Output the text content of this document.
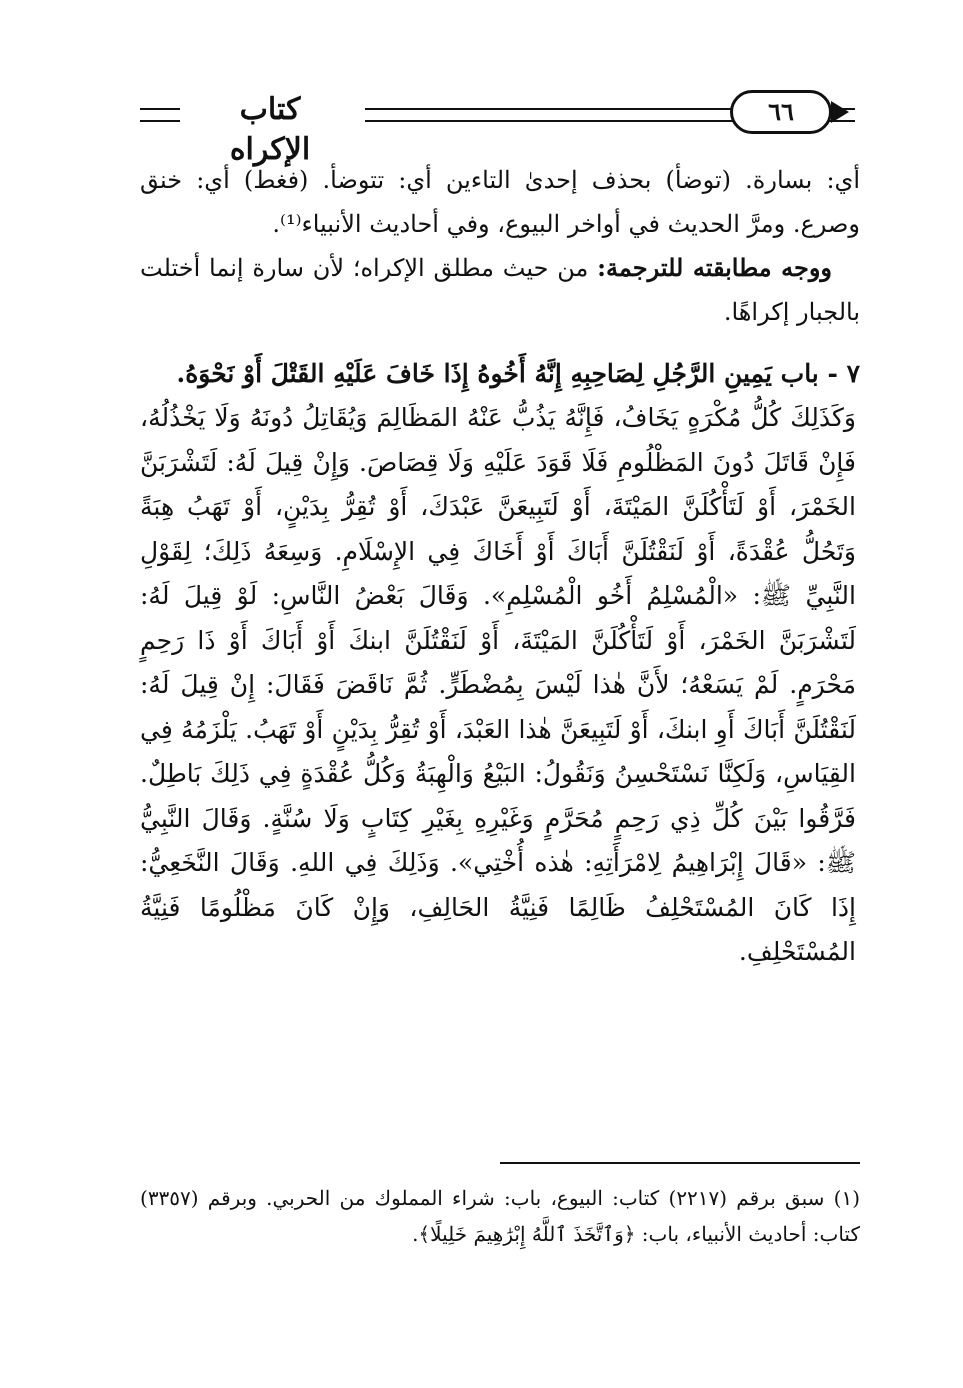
كتاب الإكراه
٦٦

أي: بسارة. (توضأ) بحذف إحدىٰ التاءين أي: تتوضأ. (فغط) أي: خنق وصرع. ومرَّ الحديث في أواخر البيوع، وفي أحاديث الأنبياء⁽¹⁾.

ووجه مطابقته للترجمة: من حيث مطلق الإكراه؛ لأن سارة إنما أختلت بالجبار إكراهًا.

٧ - باب يَمِينِ الرَّجُلِ لِصَاحِبِهِ إِنَّهُ أَخُوهُ إِذَا خَافَ عَلَيْهِ القَتْلَ أَوْ نَحْوَهُ.

وَكَذَلِكَ كُلُّ مُكْرَهٍ يَخَافُ، فَإِنَّهُ يَذُبُّ عَنْهُ المَظَالِمَ وَيُقَاتِلُ دُونَهُ وَلَا يَخْذُلُهُ، فَإِنْ قَاتَلَ دُونَ المَظْلُومِ فَلَا قَوَدَ عَلَيْهِ وَلَا قِصَاصَ. وَإِنْ قِيلَ لَهُ: لَتَشْرَبَنَّ الخَمْرَ، أَوْ لَتَأْكُلَنَّ المَيْتَةَ، أَوْ لَتَبِيعَنَّ عَبْدَكَ، أَوْ تُقِرُّ بِدَيْنٍ، أَوْ تَهَبُ هِبَةً وَتَحُلُّ عُقْدَةً، أَوْ لَنَقْتُلَنَّ أَبَاكَ أَوْ أَخَاكَ فِي الإِسْلَامِ. وَسِعَهُ ذَلِكَ؛ لِقَوْلِ النَّبِيِّ ﷺ: «الْمُسْلِمُ أَخُو الْمُسْلِمِ». وَقَالَ بَعْضُ النَّاسِ: لَوْ قِيلَ لَهُ: لَتَشْرَبَنَّ الخَمْرَ، أَوْ لَتَأْكُلَنَّ المَيْتَةَ، أَوْ لَنَقْتُلَنَّ ابنكَ أَوْ أَبَاكَ أَوْ ذَا رَحِمٍ مَحْرَمٍ. لَمْ يَسَعْهُ؛ لأَنَّ هٰذا لَيْسَ بِمُضْطَرٍّ. ثُمَّ نَاقَضَ فَقَالَ: إِنْ قِيلَ لَهُ: لَنَقْتُلَنَّ أَبَاكَ أَوِ ابنكَ، أَوْ لَتَبِيعَنَّ هٰذا العَبْدَ، أَوْ تُقِرُّ بِدَيْنٍ أَوْ تَهَبُ. يَلْزَمُهُ فِي القِيَاسِ، وَلَكِنَّا نَسْتَحْسِنُ وَنَقُولُ: البَيْعُ وَالْهِبَةُ وَكُلُّ عُقْدَةٍ فِي ذَلِكَ بَاطِلٌ. فَرَّقُوا بَيْنَ كُلِّ ذِي رَحِمٍ مُحَرَّمٍ وَغَيْرِهِ بِغَيْرِ كِتَابٍ وَلَا سُنَّةٍ. وَقَالَ النَّبِيُّ ﷺ: «قَالَ إِبْرَاهِيمُ لِامْرَأَتِهِ: هٰذه أُخْتِي». وَذَلِكَ فِي اللهِ. وَقَالَ النَّخَعِيُّ: إِذَا كَانَ المُسْتَحْلِفُ ظَالِمًا فَنِيَّةُ الحَالِفِ، وَإِنْ كَانَ مَظْلُومًا فَنِيَّةُ المُسْتَحْلِفِ.

(١) سبق برقم (٢٢١٧) كتاب: البيوع، باب: شراء المملوك من الحربي. وبرقم (٣٣٥٧) كتاب: أحاديث الأنبياء، باب: ﴿وَٱتَّخَذَ ٱللَّهُ إِبْرَٰهِيمَ خَلِيلًا﴾.
